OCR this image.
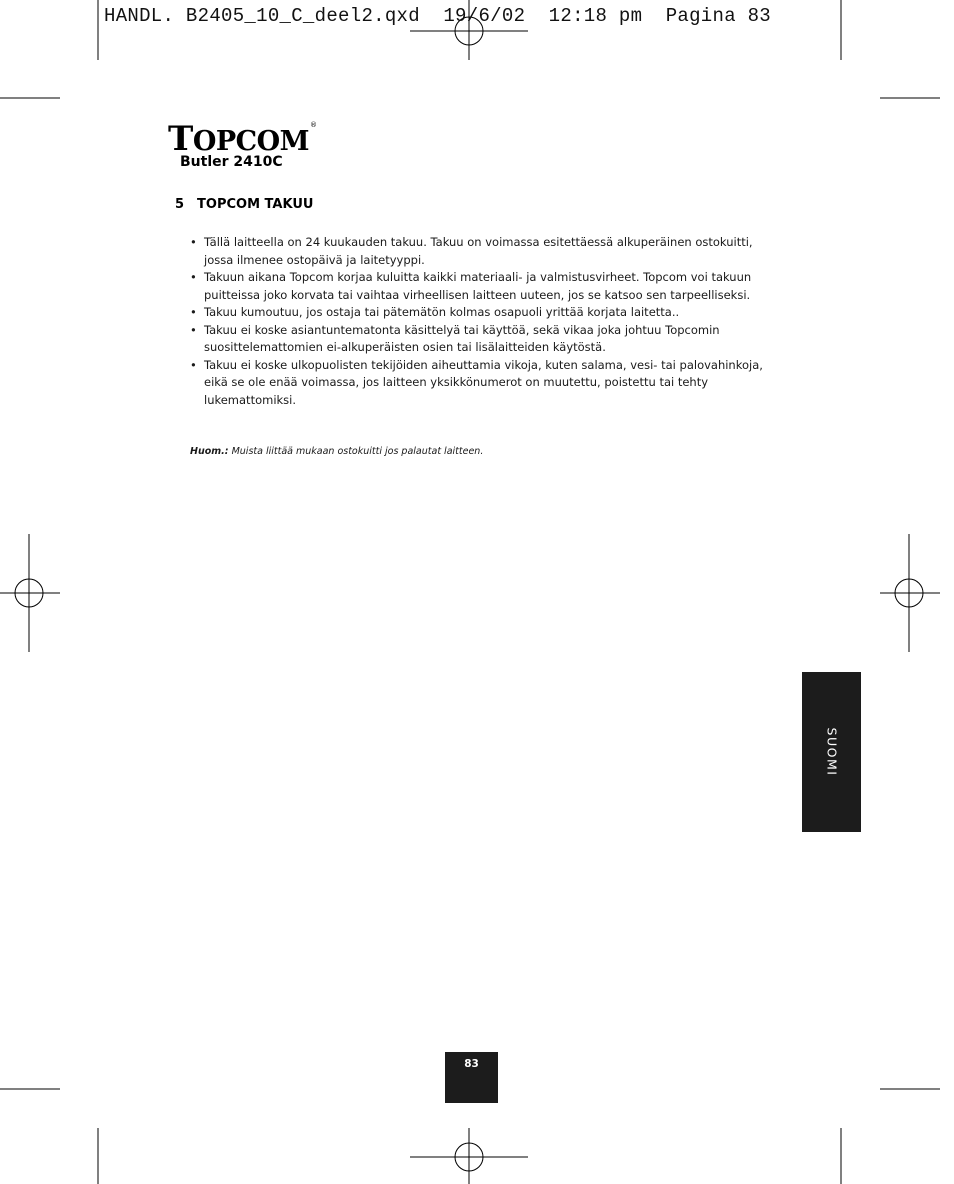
HANDL. B2405_10_C_deel2.qxd  19/6/02  12:18 pm  Pagina 83
TOPCOM®
Butler 2410C
5 TOPCOM TAKUU
• Tällä laitteella on 24 kuukauden takuu. Takuu on voimassa esitettäessä alkuperäinen ostokuitti, jossa ilmenee ostopäivä ja laitetyyppi.
• Takuun aikana Topcom korjaa kuluitta kaikki materiaali- ja valmistusvirheet. Topcom voi takuun puitteissa joko korvata tai vaihtaa virheellisen laitteen uuteen, jos se katsoo sen tarpeelliseksi.
• Takuu kumoutuu, jos ostaja tai pätemätön kolmas osapuoli yrittää korjata laitetta..
• Takuu ei koske asiantuntematonta käsittelyä tai käyttöä, sekä vikaa joka johtuu Topcomin suosittelemattomien ei-alkuperäisten osien tai lisälaitteiden käytöstä.
• Takuu ei koske ulkopuolisten tekijöiden aiheuttamia vikoja, kuten salama, vesi- tai palovahinkoja, eikä se ole enää voimassa, jos laitteen yksikkönumerot on muutettu, poistettu tai tehty lukemattomiksi.
Huom.: Muista liittää mukaan ostokuitti jos palautat laitteen.
SUOMI
83
